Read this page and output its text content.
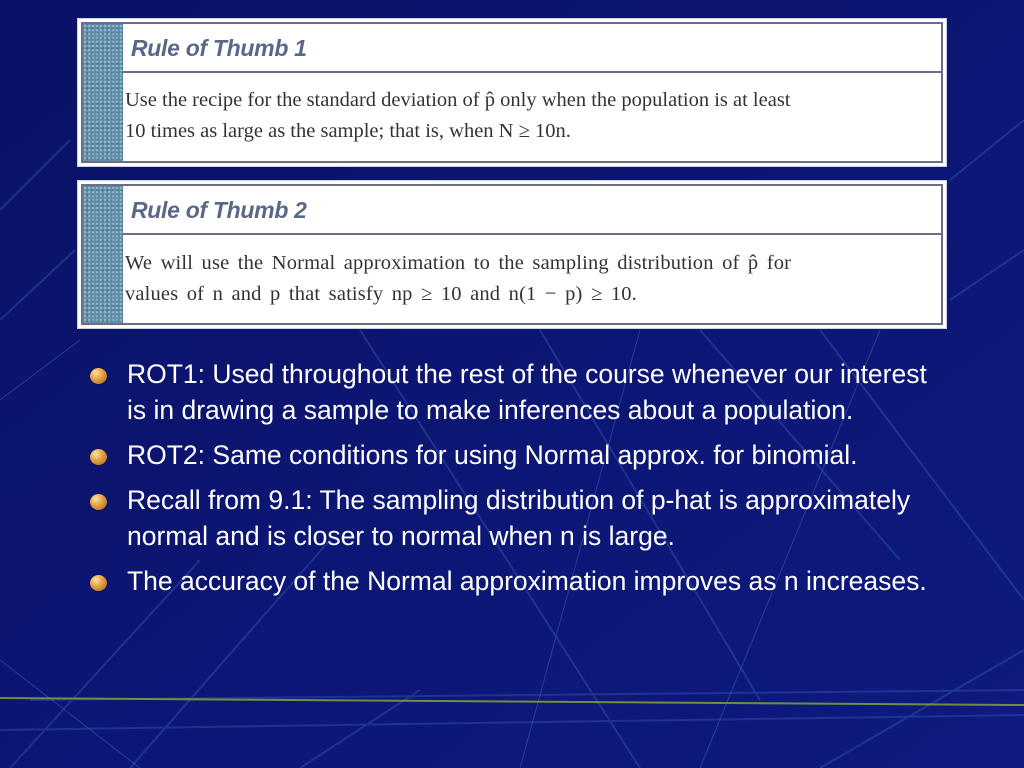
Rule of Thumb 1
Use the recipe for the standard deviation of p̂ only when the population is at least
10 times as large as the sample; that is, when N ≥ 10n.
Rule of Thumb 2
We will use the Normal approximation to the sampling distribution of p̂ for
values of n and p that satisfy np ≥ 10 and n(1 − p) ≥ 10.
ROT1: Used throughout the rest of the course whenever our interest is in drawing a sample to make inferences about a population.
ROT2: Same conditions for using Normal approx. for binomial.
Recall from 9.1: The sampling distribution of p-hat is approximately normal and is closer to normal when n is large.
The accuracy of the Normal approximation improves as n increases.
